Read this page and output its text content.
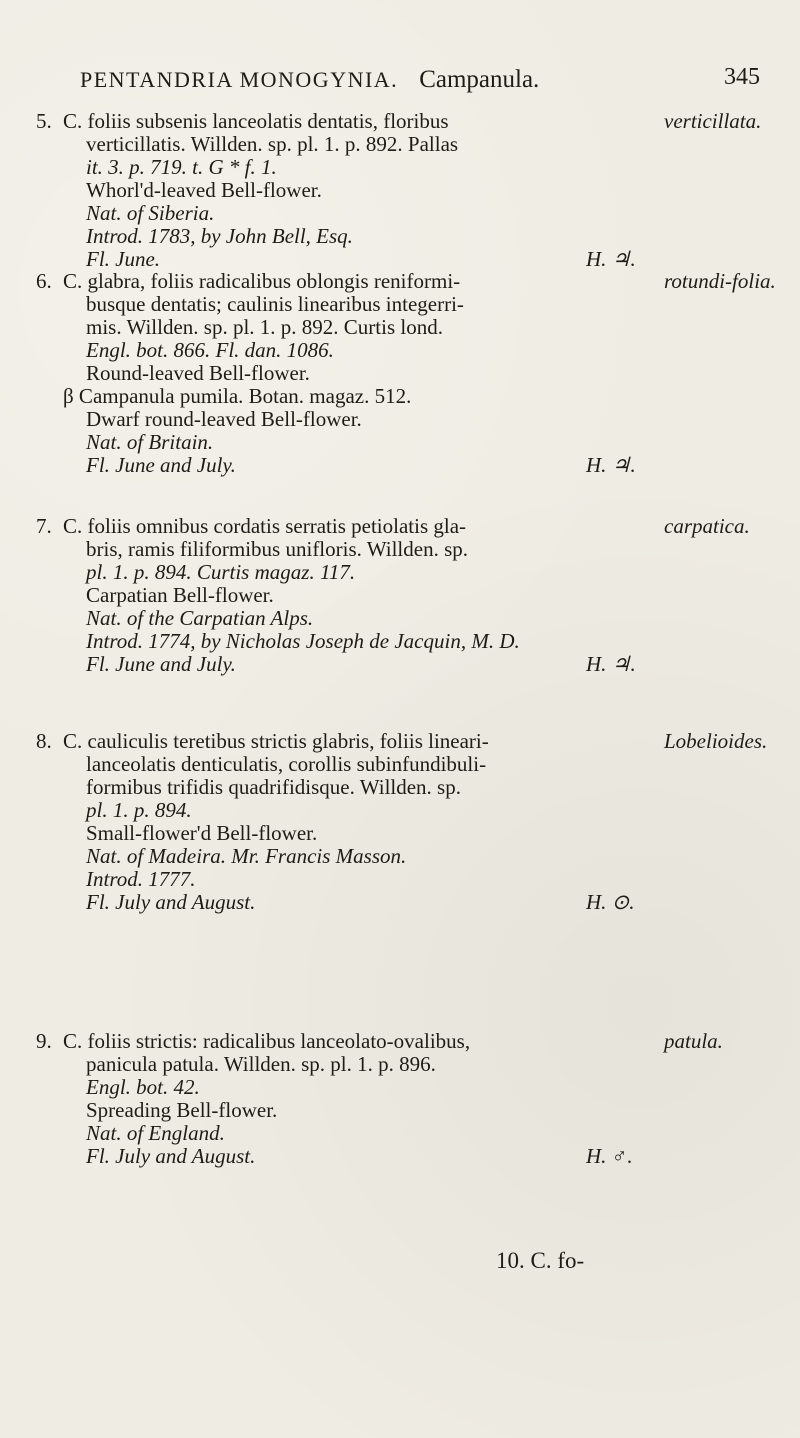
PENTANDRIA MONOGYNIA. Campanula.	345
5. C. foliis subsenis lanceolatis dentatis, floribus	verticillata.
verticillatis. Willden. sp. pl. 1. p. 892. Pallas
it. 3. p. 719. t. G * f. 1.
Whorl'd-leaved Bell-flower.
Nat. of Siberia.
Introd. 1783, by John Bell, Esq.
Fl. June.	H. ♃.
6. C. glabra, foliis radicalibus oblongis reniformi-	rotundi-folia.
busque dentatis; caulinis linearibus integerri-
mis. Willden. sp. pl. 1. p. 892. Curtis lond.
Engl. bot. 866. Fl. dan. 1086.
Round-leaved Bell-flower.
β Campanula pumila. Botan. magaz. 512.
Dwarf round-leaved Bell-flower.
Nat. of Britain.
Fl. June and July.	H. ♃.
7. C. foliis omnibus cordatis serratis petiolatis gla-	carpatica.
bris, ramis filiformibus unifloris. Willden. sp.
pl. 1. p. 894. Curtis magaz. 117.
Carpatian Bell-flower.
Nat. of the Carpatian Alps.
Introd. 1774, by Nicholas Joseph de Jacquin, M. D.
Fl. June and July.	H. ♃.
8. C. cauliculis teretibus strictis glabris, foliis lineari-	Lobelioides.
lanceolatis denticulatis, corollis subinfundibuli-
formibus trifidis quadrifidisque. Willden. sp.
pl. 1. p. 894.
Small-flower'd Bell-flower.
Nat. of Madeira. Mr. Francis Masson.
Introd. 1777.
Fl. July and August.	H. ⊙.
9. C. foliis strictis: radicalibus lanceolato-ovalibus,	patula.
panicula patula. Willden. sp. pl. 1. p. 896.
Engl. bot. 42.
Spreading Bell-flower.
Nat. of England.
Fl. July and August.	H. ♂.
10. C. fo-
